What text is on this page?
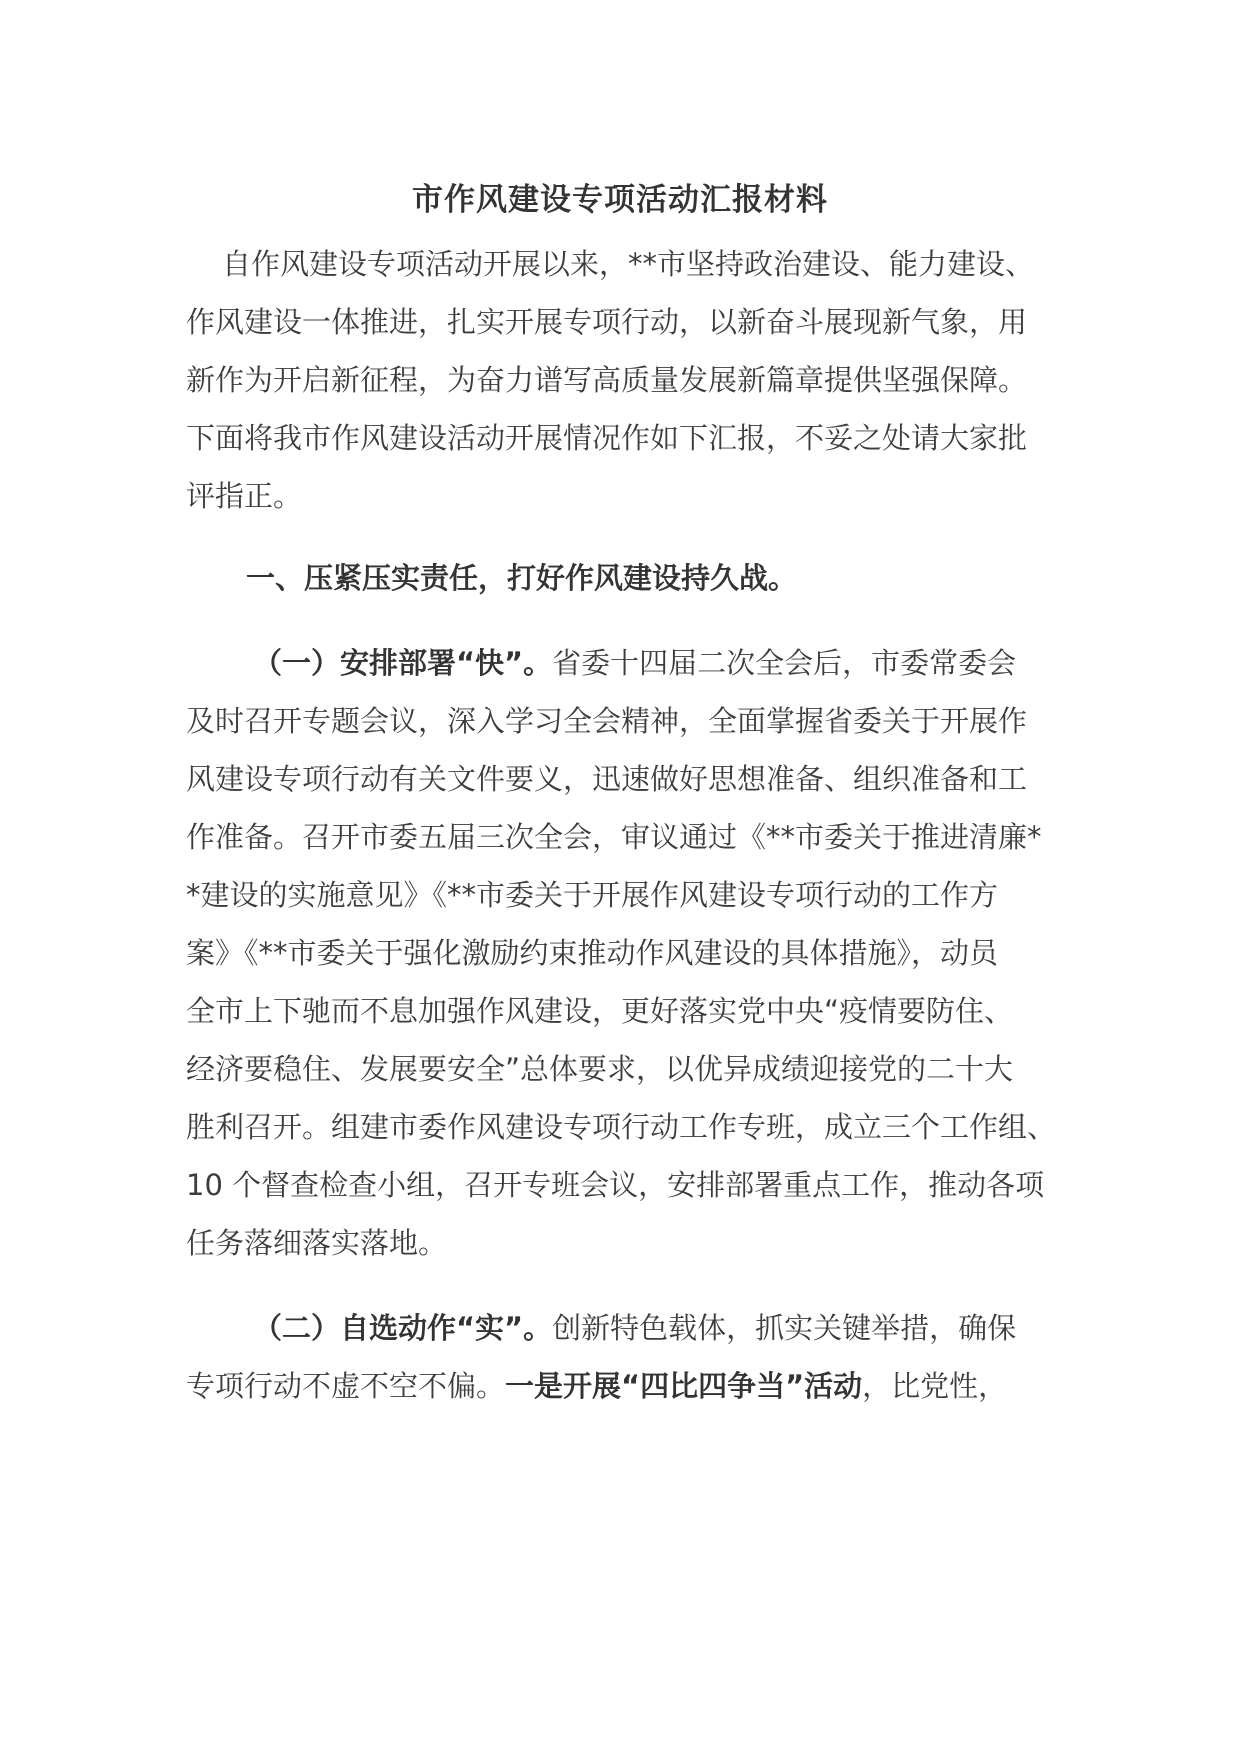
市作风建设专项活动汇报材料
自作风建设专项活动开展以来，**市坚持政治建设、能力建设、
作风建设一体推进，扎实开展专项行动，以新奋斗展现新气象，用
新作为开启新征程，为奋力谱写高质量发展新篇章提供坚强保障。
下面将我市作风建设活动开展情况作如下汇报，不妥之处请大家批
评指正。
一、压紧压实责任，打好作风建设持久战。
（一）安排部署“快”。省委十四届二次全会后，市委常委会
及时召开专题会议，深入学习全会精神，全面掌握省委关于开展作
风建设专项行动有关文件要义，迅速做好思想准备、组织准备和工
作准备。召开市委五届三次全会，审议通过《**市委关于推进清廉*
*建设的实施意见》《**市委关于开展作风建设专项行动的工作方
案》《**市委关于强化激励约束推动作风建设的具体措施》，动员
全市上下驰而不息加强作风建设，更好落实党中央“疫情要防住、
经济要稳住、发展要安全”总体要求，以优异成绩迎接党的二十大
胜利召开。组建市委作风建设专项行动工作专班，成立三个工作组、
10 个督查检查小组，召开专班会议，安排部署重点工作，推动各项
任务落细落实落地。
（二）自选动作“实”。创新特色载体，抓实关键举措，确保
专项行动不虚不空不偏。一是开展“四比四争当”活动，比党性，
